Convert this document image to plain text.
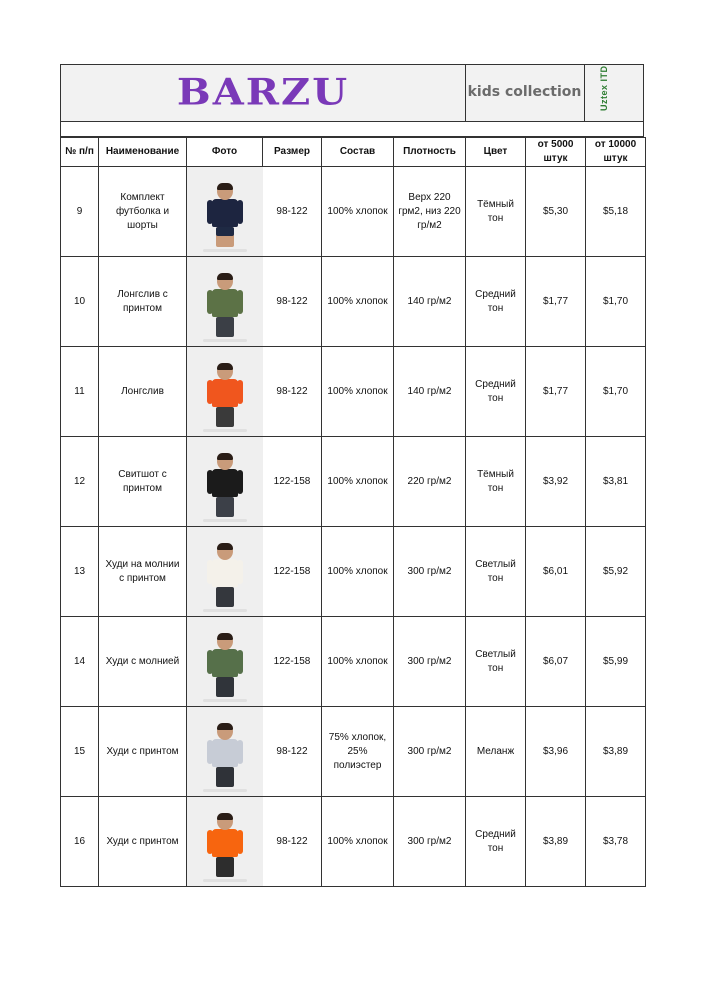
BARZU	kids collection Uztex ITD
№ п/п	Наименование	Фото	Размер	Состав	Плотность	Цвет	от 5000 штук	от 10000 штук
9	Комплект футболка и шорты		98-122	100% хлопок	Верх 220 грм2, низ 220 гр/м2	Тёмный тон	$5,30	$5,18
10	Лонгслив с принтом		98-122	100% хлопок	140 гр/м2	Средний тон	$1,77	$1,70
11	Лонгслив		98-122	100% хлопок	140 гр/м2	Средний тон	$1,77	$1,70
12	Свитшот с принтом		122-158	100% хлопок	220 гр/м2	Тёмный тон	$3,92	$3,81
13	Худи на молнии с принтом		122-158	100% хлопок	300 гр/м2	Светлый тон	$6,01	$5,92
14	Худи с молнией		122-158	100% хлопок	300 гр/м2	Светлый тон	$6,07	$5,99
15	Худи с принтом		98-122	75% хлопок, 25% полиэстер	300 гр/м2	Меланж	$3,96	$3,89
16	Худи с принтом		98-122	100% хлопок	300 гр/м2	Средний тон	$3,89	$3,78
